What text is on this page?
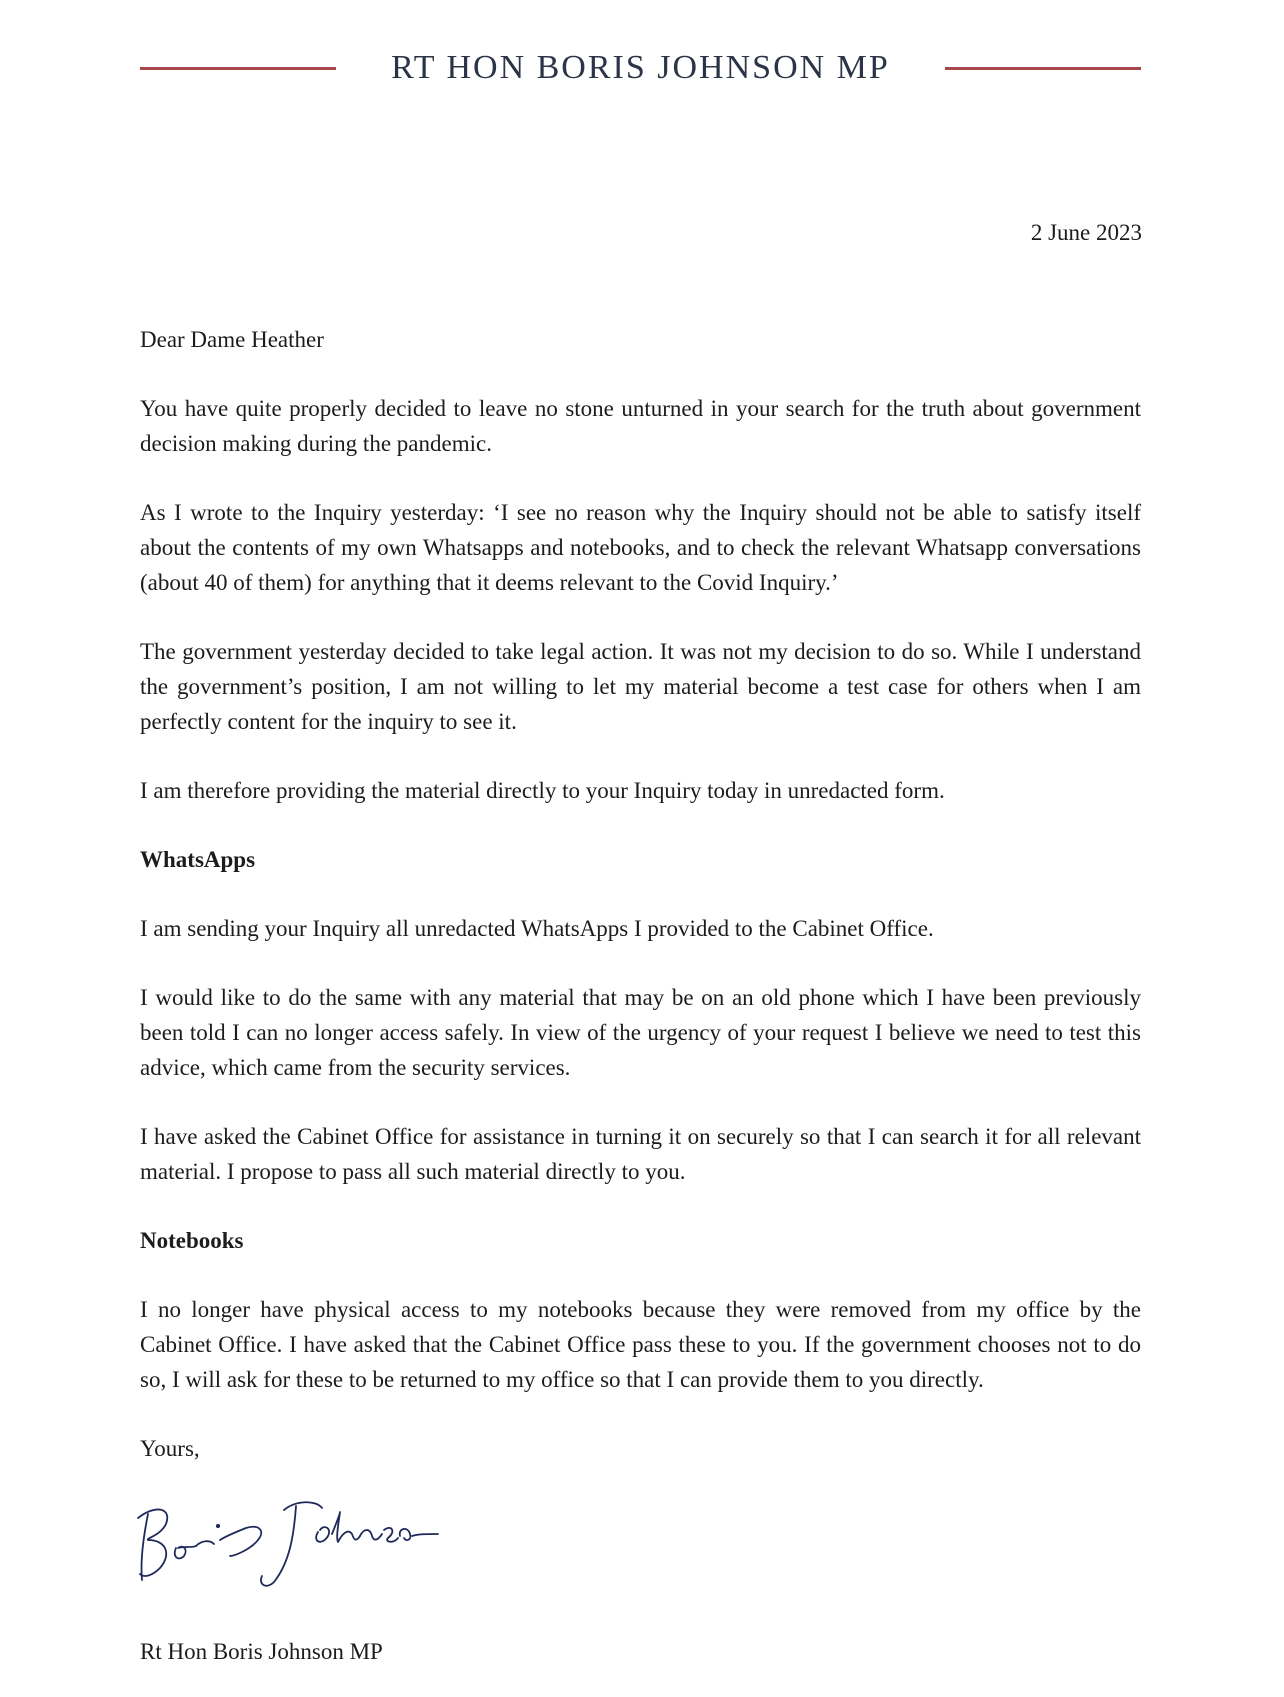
RT HON BORIS JOHNSON MP
2 June 2023

Dear Dame Heather

You have quite properly decided to leave no stone unturned in your search for the truth about government decision making during the pandemic.

As I wrote to the Inquiry yesterday: ‘I see no reason why the Inquiry should not be able to satisfy itself about the contents of my own Whatsapps and notebooks, and to check the relevant Whatsapp conversations (about 40 of them) for anything that it deems relevant to the Covid Inquiry.’

The government yesterday decided to take legal action. It was not my decision to do so. While I understand the government’s position, I am not willing to let my material become a test case for others when I am perfectly content for the inquiry to see it.

I am therefore providing the material directly to your Inquiry today in unredacted form.

WhatsApps

I am sending your Inquiry all unredacted WhatsApps I provided to the Cabinet Office.

I would like to do the same with any material that may be on an old phone which I have been previously been told I can no longer access safely. In view of the urgency of your request I believe we need to test this advice, which came from the security services.

I have asked the Cabinet Office for assistance in turning it on securely so that I can search it for all relevant material. I propose to pass all such material directly to you.

Notebooks

I no longer have physical access to my notebooks because they were removed from my office by the Cabinet Office. I have asked that the Cabinet Office pass these to you. If the government chooses not to do so, I will ask for these to be returned to my office so that I can provide them to you directly.

Yours,

Rt Hon Boris Johnson MP
